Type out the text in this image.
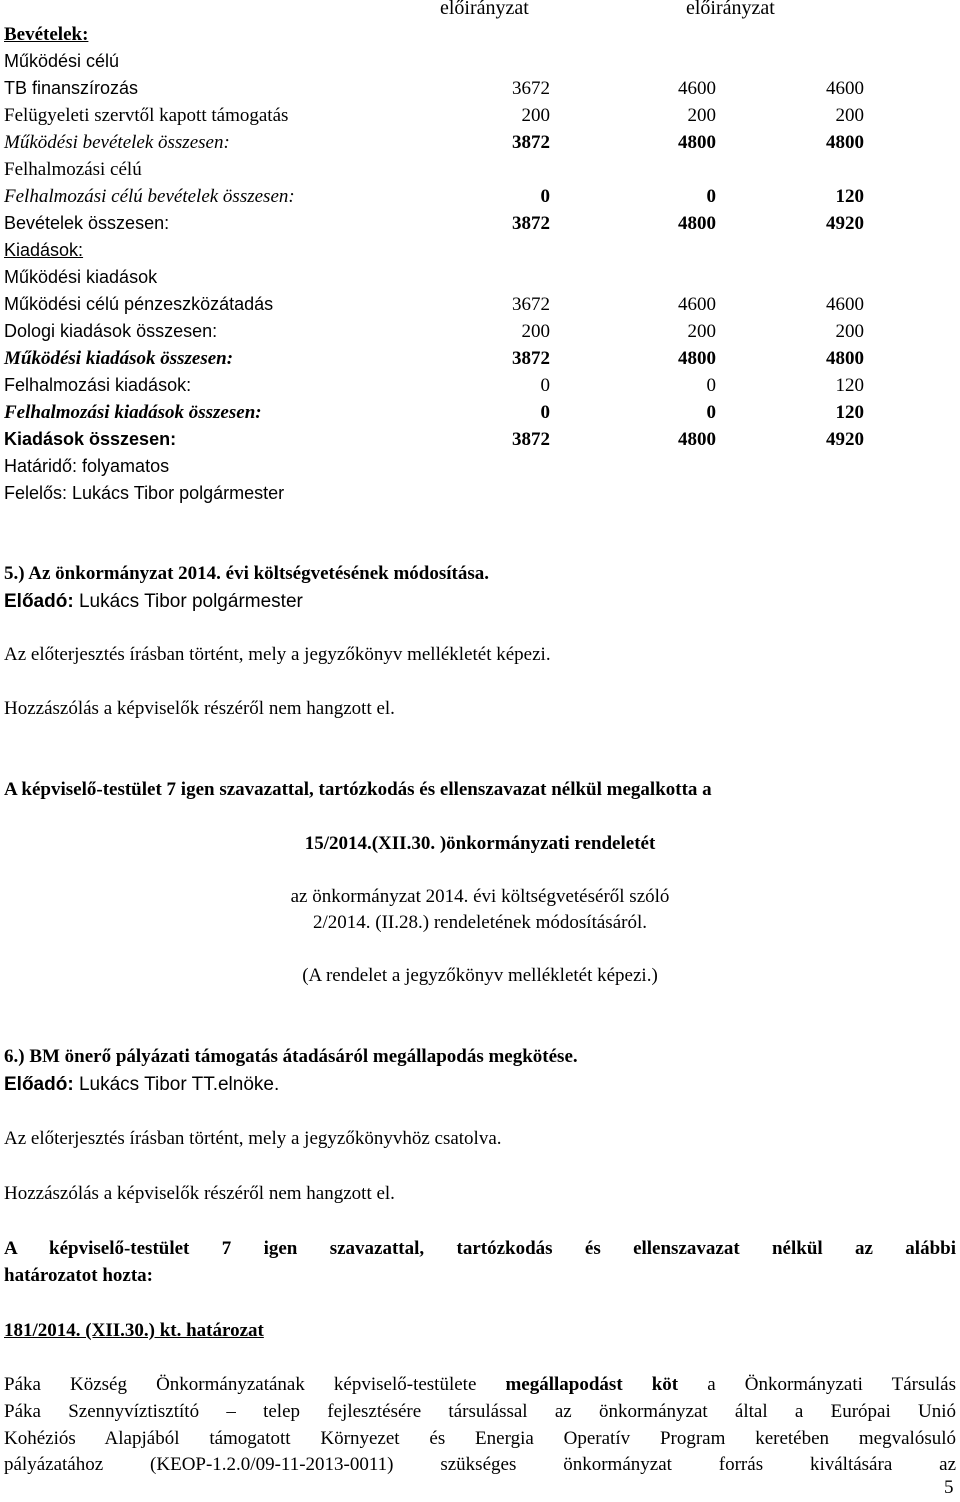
előirányzat	előirányzat
Bevételek:
Működési célú
TB finanszírozás	3672	4600	4600
Felügyeleti szervtől kapott támogatás	200	200	200
Működési bevételek összesen:	3872	4800	4800
Felhalmozási célú
Felhalmozási célú bevételek összesen:	0	0	120
Bevételek összesen:	3872	4800	4920
Kiadások:
Működési kiadások
Működési célú pénzeszközátadás	3672	4600	4600
Dologi kiadások összesen:	200	200	200
Működési kiadások összesen:	3872	4800	4800
Felhalmozási kiadások:	0	0	120
Felhalmozási kiadások összesen:	0	0	120
Kiadások összesen:	3872	4800	4920
Határidő: folyamatos
Felelős: Lukács Tibor polgármester
5.) Az önkormányzat 2014. évi költségvetésének módosítása.
Előadó: Lukács Tibor polgármester
Az előterjesztés írásban történt, mely a jegyzőkönyv mellékletét képezi.
Hozzászólás a képviselők részéről nem hangzott el.
A képviselő-testület 7 igen szavazattal, tartózkodás és ellenszavazat nélkül megalkotta a
15/2014.(XII.30. )önkormányzati rendeletét
az önkormányzat 2014. évi költségvetéséről szóló
2/2014. (II.28.) rendeletének módosításáról.
(A rendelet a jegyzőkönyv mellékletét képezi.)
6.) BM önerő pályázati támogatás átadásáról megállapodás megkötése.
Előadó: Lukács Tibor TT.elnöke.
Az előterjesztés írásban történt, mely a jegyzőkönyvhöz csatolva.
Hozzászólás a képviselők részéről nem hangzott el.
A képviselő-testület 7 igen szavazattal, tartózkodás és ellenszavazat nélkül az alábbi
határozatot hozta:
181/2014. (XII.30.) kt. határozat
Páka Község Önkormányzatának képviselő-testülete megállapodást köt a Önkormányzati Társulás
Páka Szennyvíztisztító – telep fejlesztésére társulással az önkormányzat által a Európai Unió
Kohéziós Alapjából támogatott Környezet és Energia Operatív Program keretében megvalósuló
pályázatához (KEOP-1.2.0/09-11-2013-0011) szükséges önkormányzat forrás kiváltására az
5
